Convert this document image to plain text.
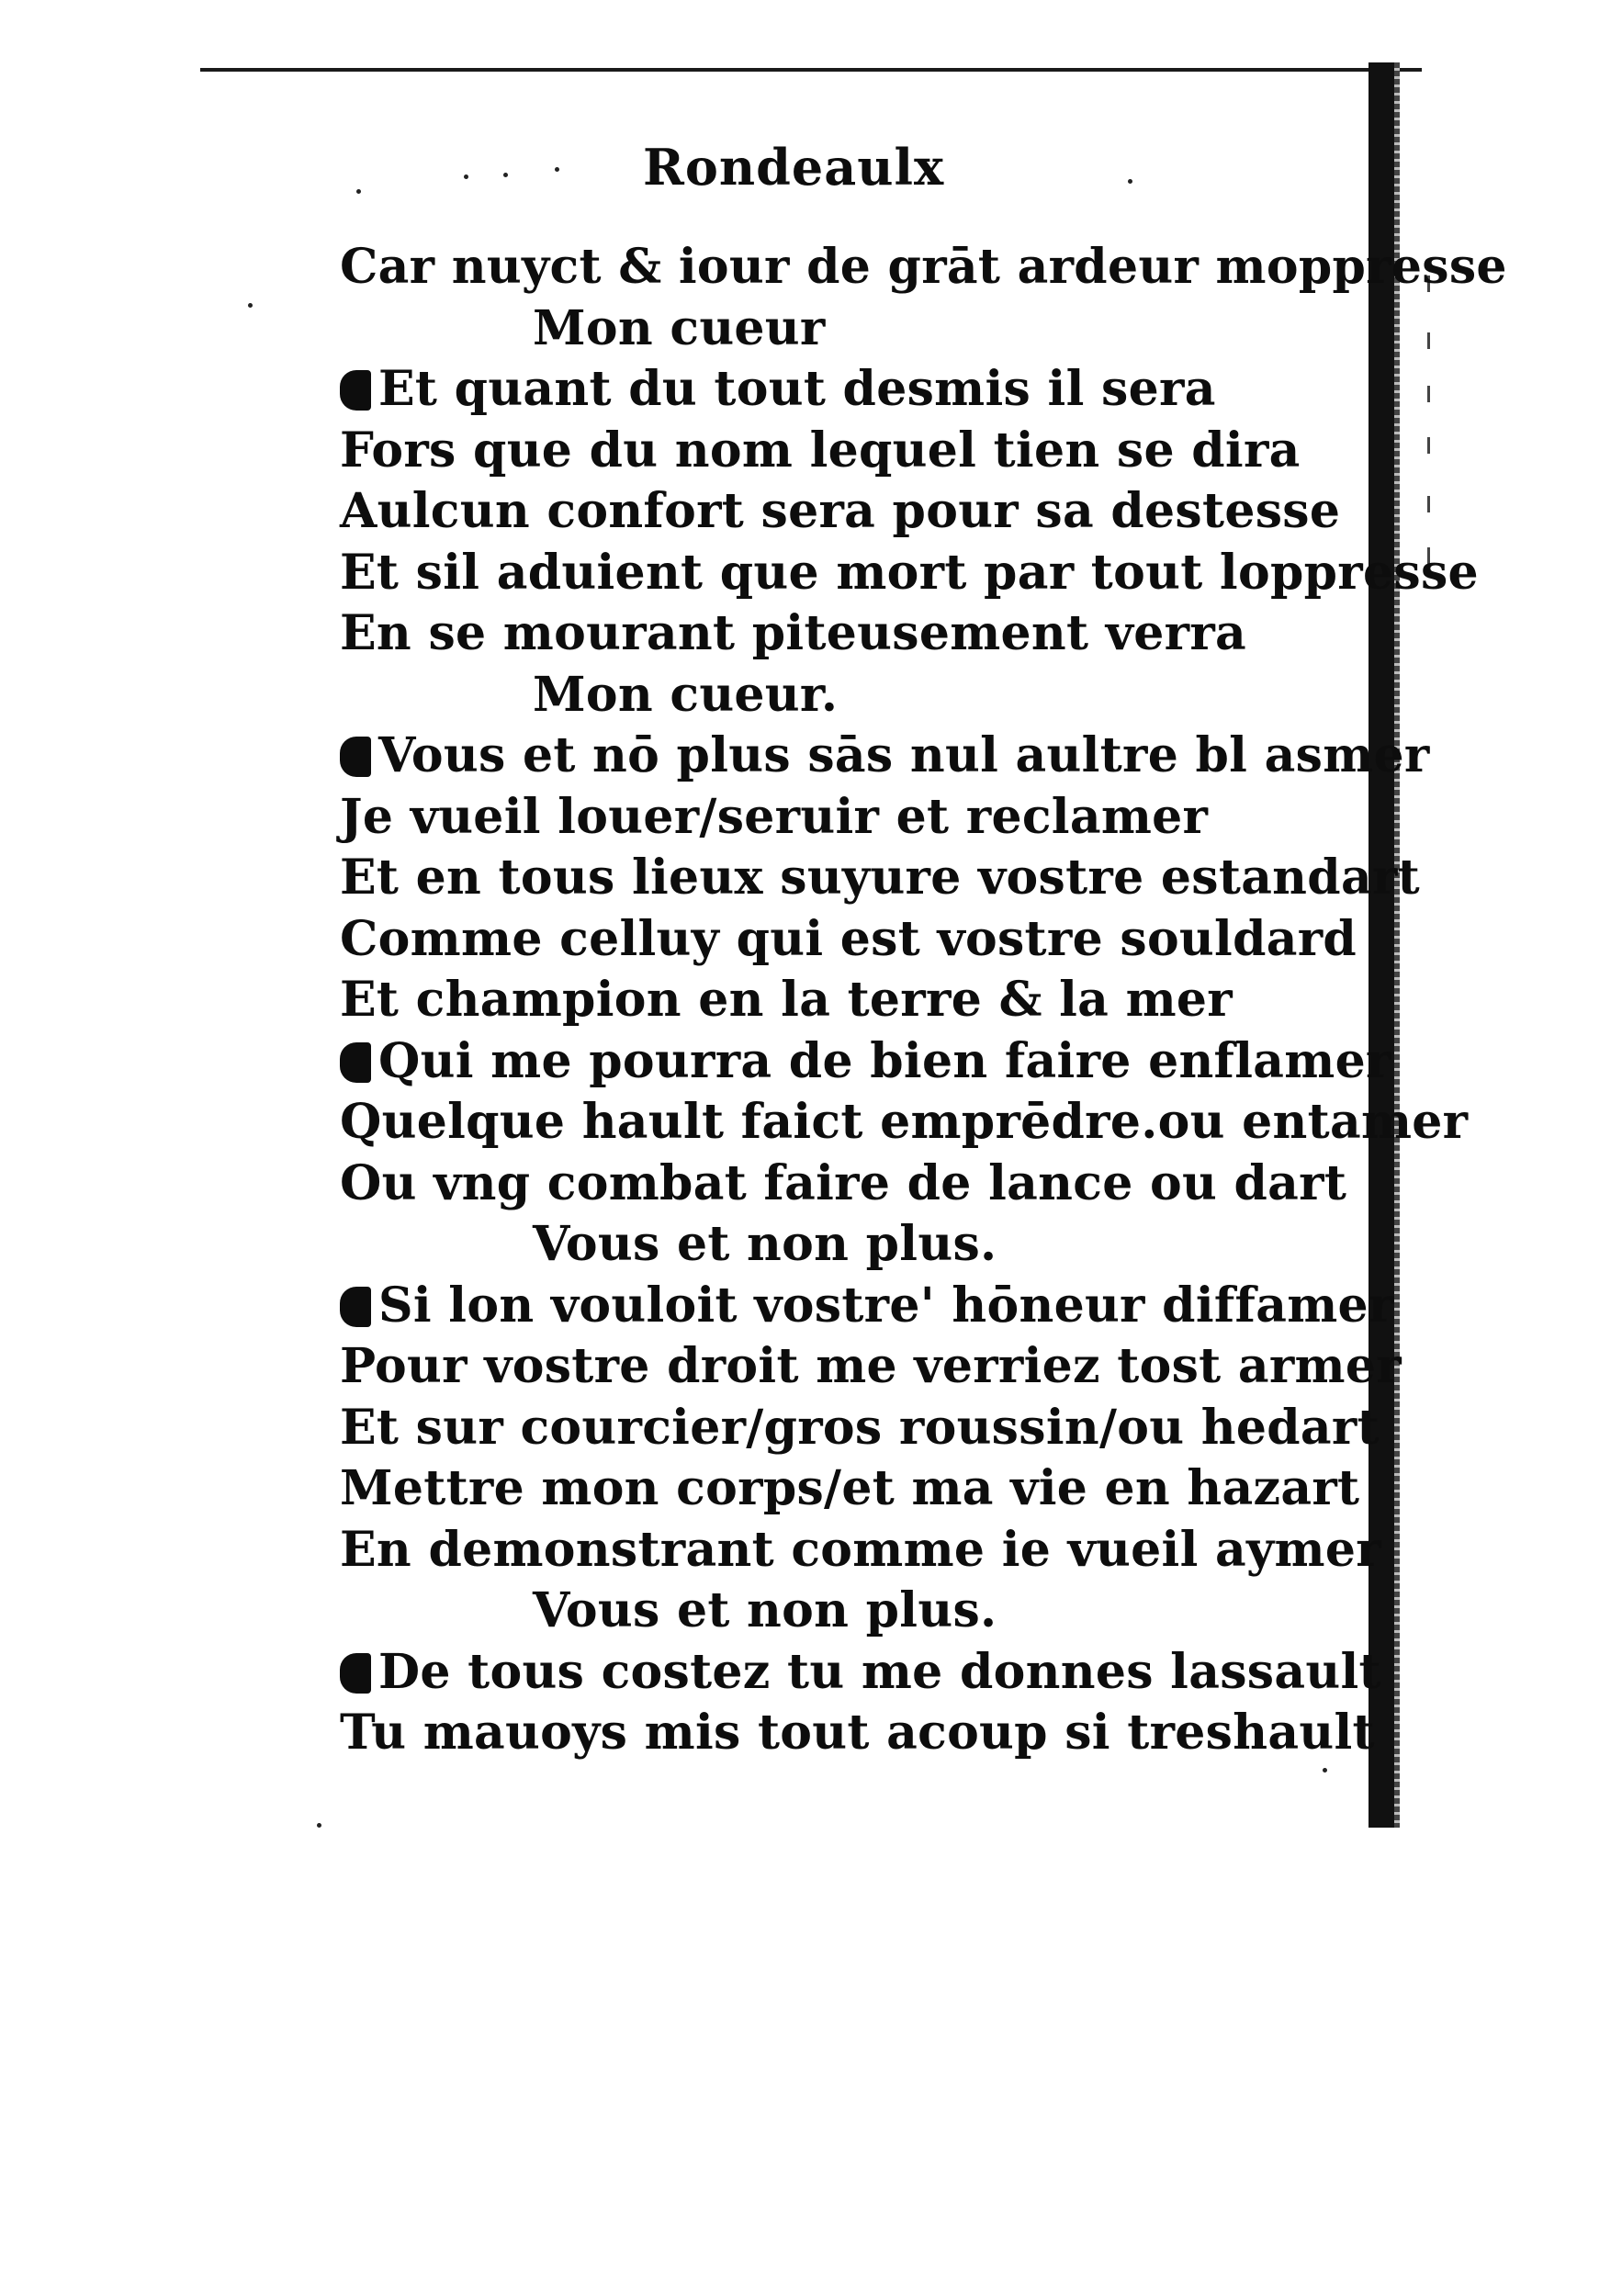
Rondeaulx
Car nuyct & iour de grāt ardeur moppresse
Mon cueur
Et quant du tout desmis il sera
Fors que du nom lequel tien se dira
Aulcun confort sera pour sa destesse
Et sil aduient que mort par tout loppresse
En se mourant piteusement verra
Mon cueur.
Vous et nō plus sās nul aultre bl asmer
Je vueil louer/seruir et reclamer
Et en tous lieux suyure vostre estandart
Comme celluy qui est vostre souldard
Et champion en la terre & la mer
Qui me pourra de bien faire enflamer
Quelque hault faict emprēdre.ou entamer
Ou vng combat faire de lance ou dart
Vous et non plus.
Si lon vouloit vostre' hōneur diffamer
Pour vostre droit me verriez tost armer
Et sur courcier/gros roussin/ou hedart
Mettre mon corps/et ma vie en hazart
En demonstrant comme ie vueil aymer
Vous et non plus.
De tous costez tu me donnes lassault
Tu mauoys mis tout acoup si treshault
